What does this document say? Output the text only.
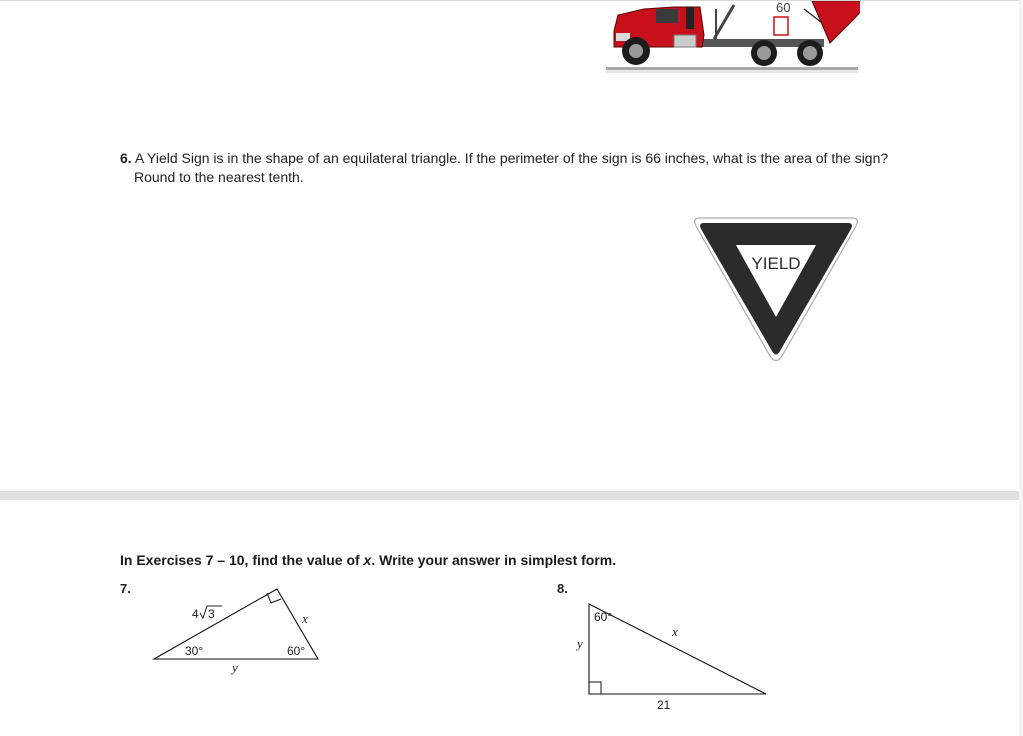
60
6. A Yield Sign is in the shape of an equilateral triangle. If the perimeter of the sign is 66 inches, what is the area of the sign?
Round to the nearest tenth.
YIELD
In Exercises 7 – 10, find the value of x. Write your answer in simplest form.
7.	8.
4 3	x
30°	60°
y
60°
x
y
21
